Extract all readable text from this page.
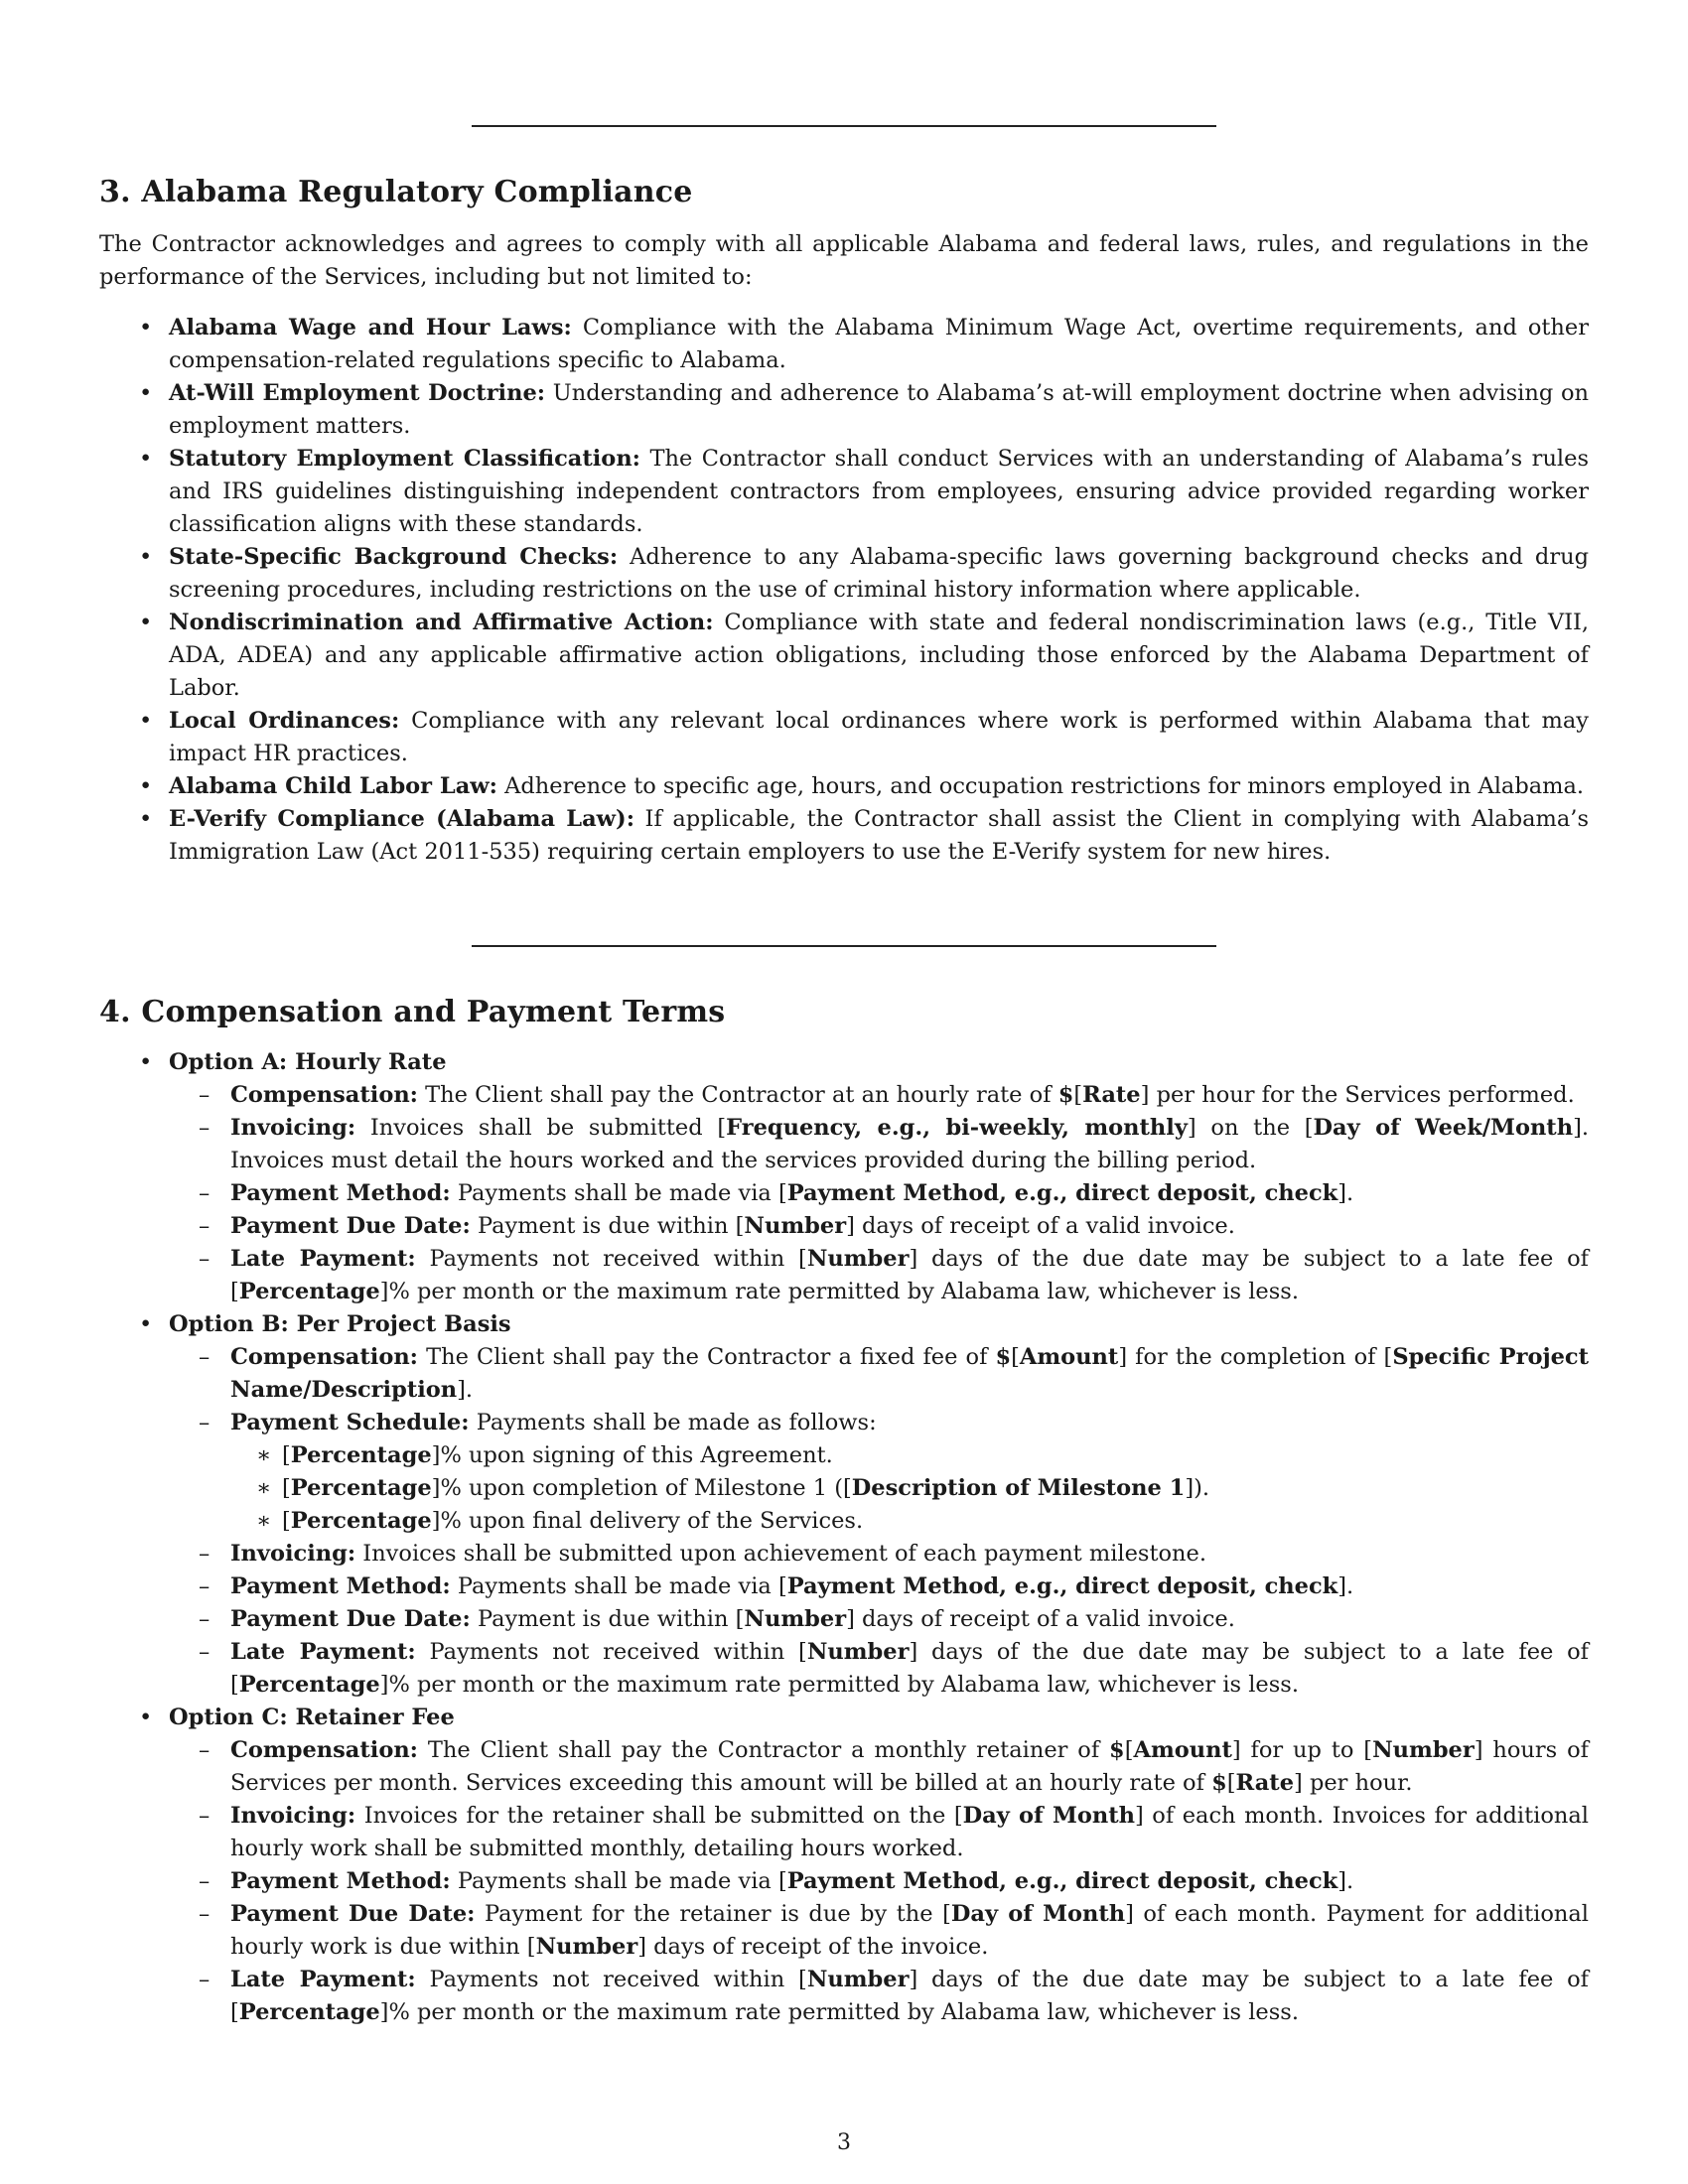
3. Alabama Regulatory Compliance
The Contractor acknowledges and agrees to comply with all applicable Alabama and federal laws, rules, and regulations in the performance of the Services, including but not limited to:
• Alabama Wage and Hour Laws: Compliance with the Alabama Minimum Wage Act, overtime requirements, and other compensation-related regulations specific to Alabama.
• At-Will Employment Doctrine: Understanding and adherence to Alabama’s at-will employment doctrine when advising on employment matters.
• Statutory Employment Classification: The Contractor shall conduct Services with an understanding of Alabama’s rules and IRS guidelines distinguishing independent contractors from employees, ensuring advice provided regarding worker classification aligns with these standards.
• State-Specific Background Checks: Adherence to any Alabama-specific laws governing background checks and drug screening procedures, including restrictions on the use of criminal history information where applicable.
• Nondiscrimination and Affirmative Action: Compliance with state and federal nondiscrimination laws (e.g., Title VII, ADA, ADEA) and any applicable affirmative action obligations, including those enforced by the Alabama Department of Labor.
• Local Ordinances: Compliance with any relevant local ordinances where work is performed within Alabama that may impact HR practices.
• Alabama Child Labor Law: Adherence to specific age, hours, and occupation restrictions for minors employed in Alabama.
• E-Verify Compliance (Alabama Law): If applicable, the Contractor shall assist the Client in complying with Alabama’s Immigration Law (Act 2011-535) requiring certain employers to use the E-Verify system for new hires.
4. Compensation and Payment Terms
• Option A: Hourly Rate
– Compensation: The Client shall pay the Contractor at an hourly rate of $[Rate] per hour for the Services performed.
– Invoicing: Invoices shall be submitted [Frequency, e.g., bi-weekly, monthly] on the [Day of Week/Month]. Invoices must detail the hours worked and the services provided during the billing period.
– Payment Method: Payments shall be made via [Payment Method, e.g., direct deposit, check].
– Payment Due Date: Payment is due within [Number] days of receipt of a valid invoice.
– Late Payment: Payments not received within [Number] days of the due date may be subject to a late fee of [Percentage]% per month or the maximum rate permitted by Alabama law, whichever is less.
• Option B: Per Project Basis
– Compensation: The Client shall pay the Contractor a fixed fee of $[Amount] for the completion of [Specific Project Name/Description].
– Payment Schedule: Payments shall be made as follows:
∗ [Percentage]% upon signing of this Agreement.
∗ [Percentage]% upon completion of Milestone 1 ([Description of Milestone 1]).
∗ [Percentage]% upon final delivery of the Services.
– Invoicing: Invoices shall be submitted upon achievement of each payment milestone.
– Payment Method: Payments shall be made via [Payment Method, e.g., direct deposit, check].
– Payment Due Date: Payment is due within [Number] days of receipt of a valid invoice.
– Late Payment: Payments not received within [Number] days of the due date may be subject to a late fee of [Percentage]% per month or the maximum rate permitted by Alabama law, whichever is less.
• Option C: Retainer Fee
– Compensation: The Client shall pay the Contractor a monthly retainer of $[Amount] for up to [Number] hours of Services per month. Services exceeding this amount will be billed at an hourly rate of $[Rate] per hour.
– Invoicing: Invoices for the retainer shall be submitted on the [Day of Month] of each month. Invoices for additional hourly work shall be submitted monthly, detailing hours worked.
– Payment Method: Payments shall be made via [Payment Method, e.g., direct deposit, check].
– Payment Due Date: Payment for the retainer is due by the [Day of Month] of each month. Payment for additional hourly work is due within [Number] days of receipt of the invoice.
– Late Payment: Payments not received within [Number] days of the due date may be subject to a late fee of [Percentage]% per month or the maximum rate permitted by Alabama law, whichever is less.
3
